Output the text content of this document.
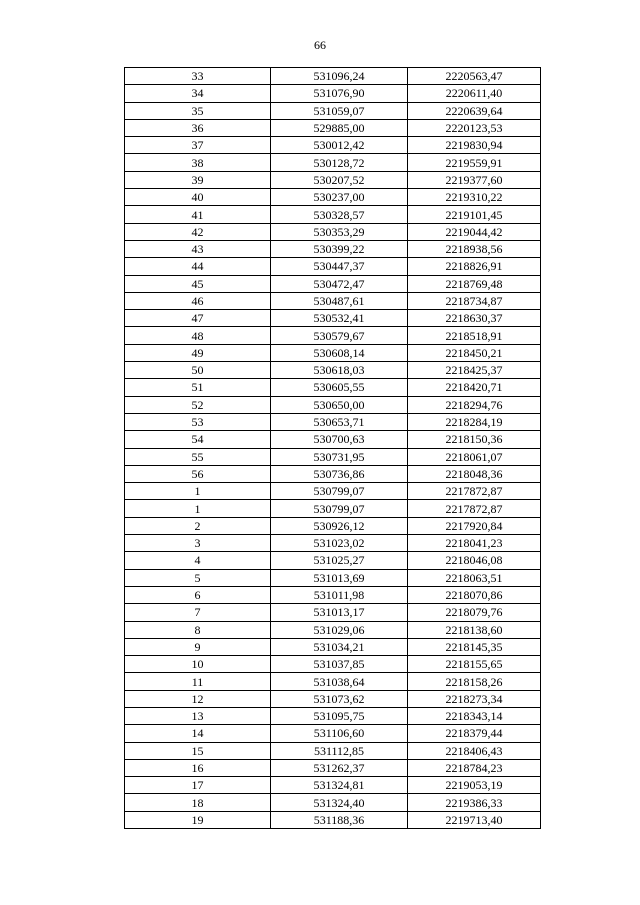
66
33	531096,24	2220563,47
34	531076,90	2220611,40
35	531059,07	2220639,64
36	529885,00	2220123,53
37	530012,42	2219830,94
38	530128,72	2219559,91
39	530207,52	2219377,60
40	530237,00	2219310,22
41	530328,57	2219101,45
42	530353,29	2219044,42
43	530399,22	2218938,56
44	530447,37	2218826,91
45	530472,47	2218769,48
46	530487,61	2218734,87
47	530532,41	2218630,37
48	530579,67	2218518,91
49	530608,14	2218450,21
50	530618,03	2218425,37
51	530605,55	2218420,71
52	530650,00	2218294,76
53	530653,71	2218284,19
54	530700,63	2218150,36
55	530731,95	2218061,07
56	530736,86	2218048,36
1	530799,07	2217872,87
1	530799,07	2217872,87
2	530926,12	2217920,84
3	531023,02	2218041,23
4	531025,27	2218046,08
5	531013,69	2218063,51
6	531011,98	2218070,86
7	531013,17	2218079,76
8	531029,06	2218138,60
9	531034,21	2218145,35
10	531037,85	2218155,65
11	531038,64	2218158,26
12	531073,62	2218273,34
13	531095,75	2218343,14
14	531106,60	2218379,44
15	531112,85	2218406,43
16	531262,37	2218784,23
17	531324,81	2219053,19
18	531324,40	2219386,33
19	531188,36	2219713,40
